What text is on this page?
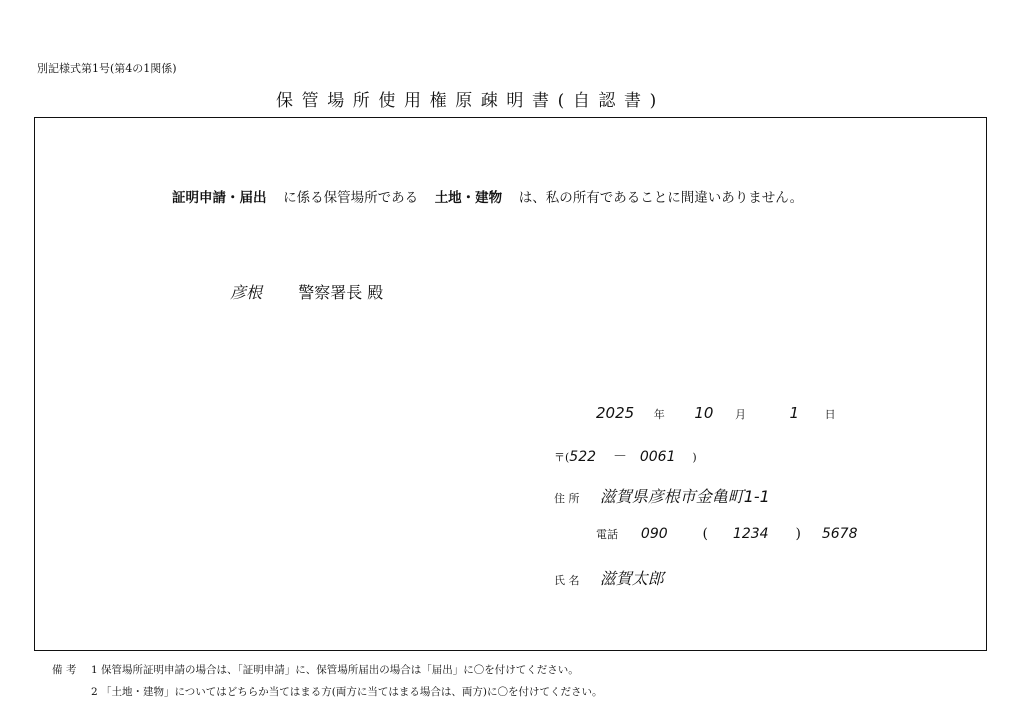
別記様式第1号(第4の1関係)
保管場所使用権原疎明書(自認書)
証明申請・届出 に係る保管場所である 土地・建物 は、私の所有であることに間違いありません。
彦根 警察署長 殿
2025 年 10 月	1 日
〒(522 － 0061 )
住 所 滋賀県彦根市金亀町1-1
電話 090 ( 1234 ) 5678
氏 名 滋賀太郎
備 考 1 保管場所証明申請の場合は、「証明申請」に、保管場所届出の場合は「届出」に〇を付けてください。
2 「土地・建物」についてはどちらか当てはまる方(両方に当てはまる場合は、両方)に〇を付けてください。
